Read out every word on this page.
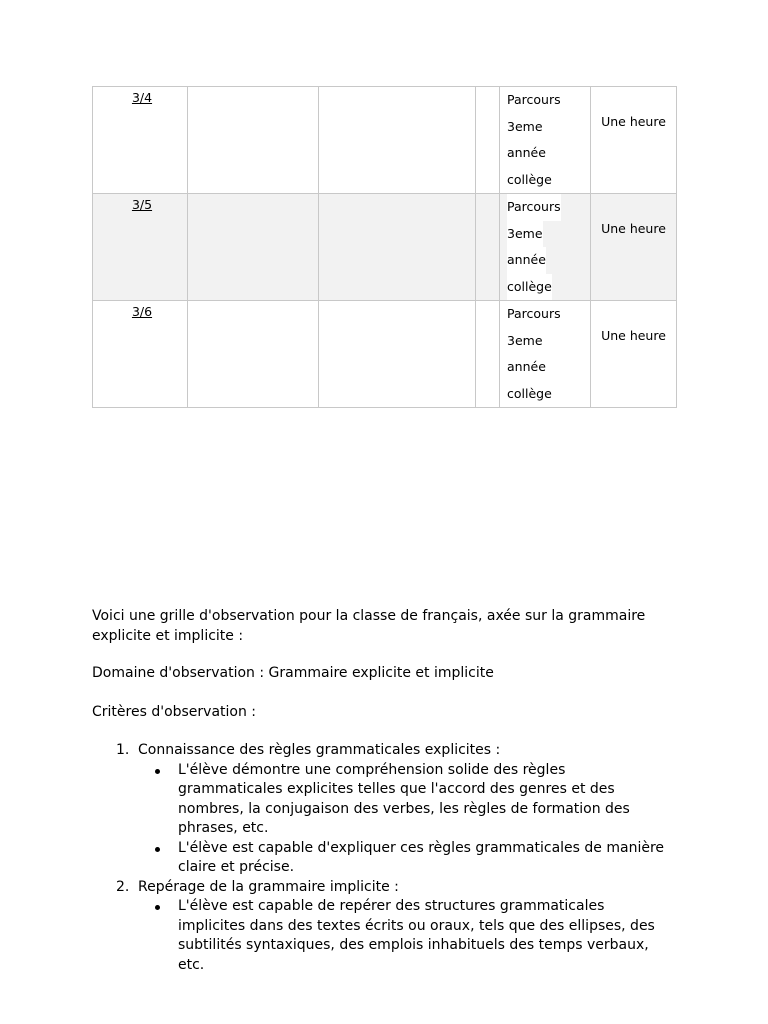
3/4				Parcours
3eme
année
collège	Une heure
3/5				Parcours
3eme
année
collège	Une heure
3/6				Parcours
3eme
année
collège	Une heure

Voici une grille d'observation pour la classe de français, axée sur la grammaire explicite et implicite :

Domaine d'observation : Grammaire explicite et implicite

Critères d'observation :

1. Connaissance des règles grammaticales explicites :
L'élève démontre une compréhension solide des règles grammaticales explicites telles que l'accord des genres et des nombres, la conjugaison des verbes, les règles de formation des phrases, etc.
L'élève est capable d'expliquer ces règles grammaticales de manière claire et précise.
2. Repérage de la grammaire implicite :
L'élève est capable de repérer des structures grammaticales implicites dans des textes écrits ou oraux, tels que des ellipses, des subtilités syntaxiques, des emplois inhabituels des temps verbaux, etc.
